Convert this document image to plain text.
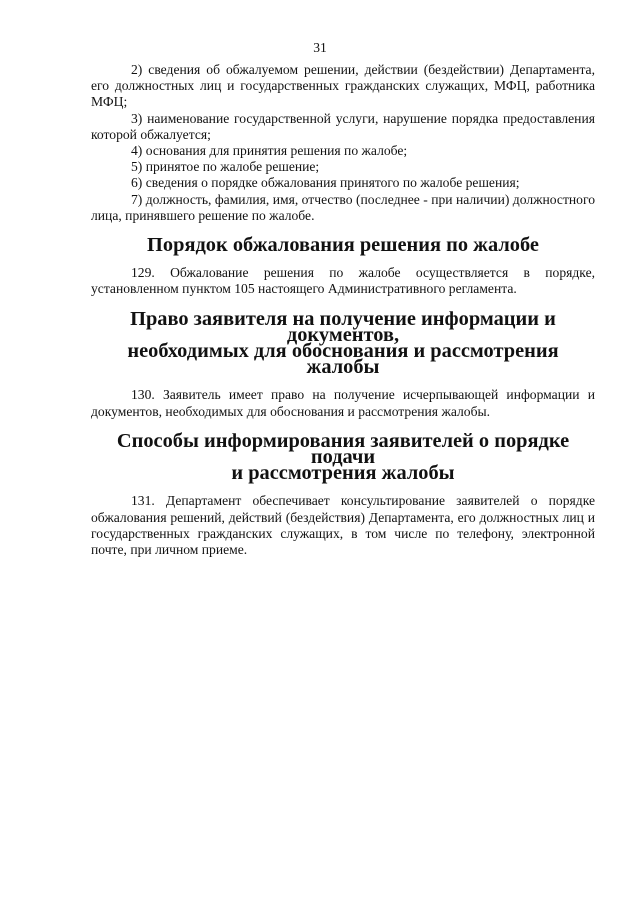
31

2) сведения об обжалуемом решении, действии (бездействии) Департамента, его должностных лиц и государственных гражданских служащих, МФЦ, работника МФЦ;

3) наименование государственной услуги, нарушение порядка предоставления которой обжалуется;

4) основания для принятия решения по жалобе;

5) принятое по жалобе решение;

6) сведения о порядке обжалования принятого по жалобе решения;

7) должность, фамилия, имя, отчество (последнее - при наличии) должностного лица, принявшего решение по жалобе.

Порядок обжалования решения по жалобе

129. Обжалование решения по жалобе осуществляется в порядке, установленном пунктом 105 настоящего Административного регламента.

Право заявителя на получение информации и документов,
необходимых для обоснования и рассмотрения жалобы

130. Заявитель имеет право на получение исчерпывающей информации и документов, необходимых для обоснования и рассмотрения жалобы.

Способы информирования заявителей о порядке подачи
и рассмотрения жалобы

131. Департамент обеспечивает консультирование заявителей о порядке обжалования решений, действий (бездействия) Департамента, его должностных лиц и государственных гражданских служащих, в том числе по телефону, электронной почте, при личном приеме.
